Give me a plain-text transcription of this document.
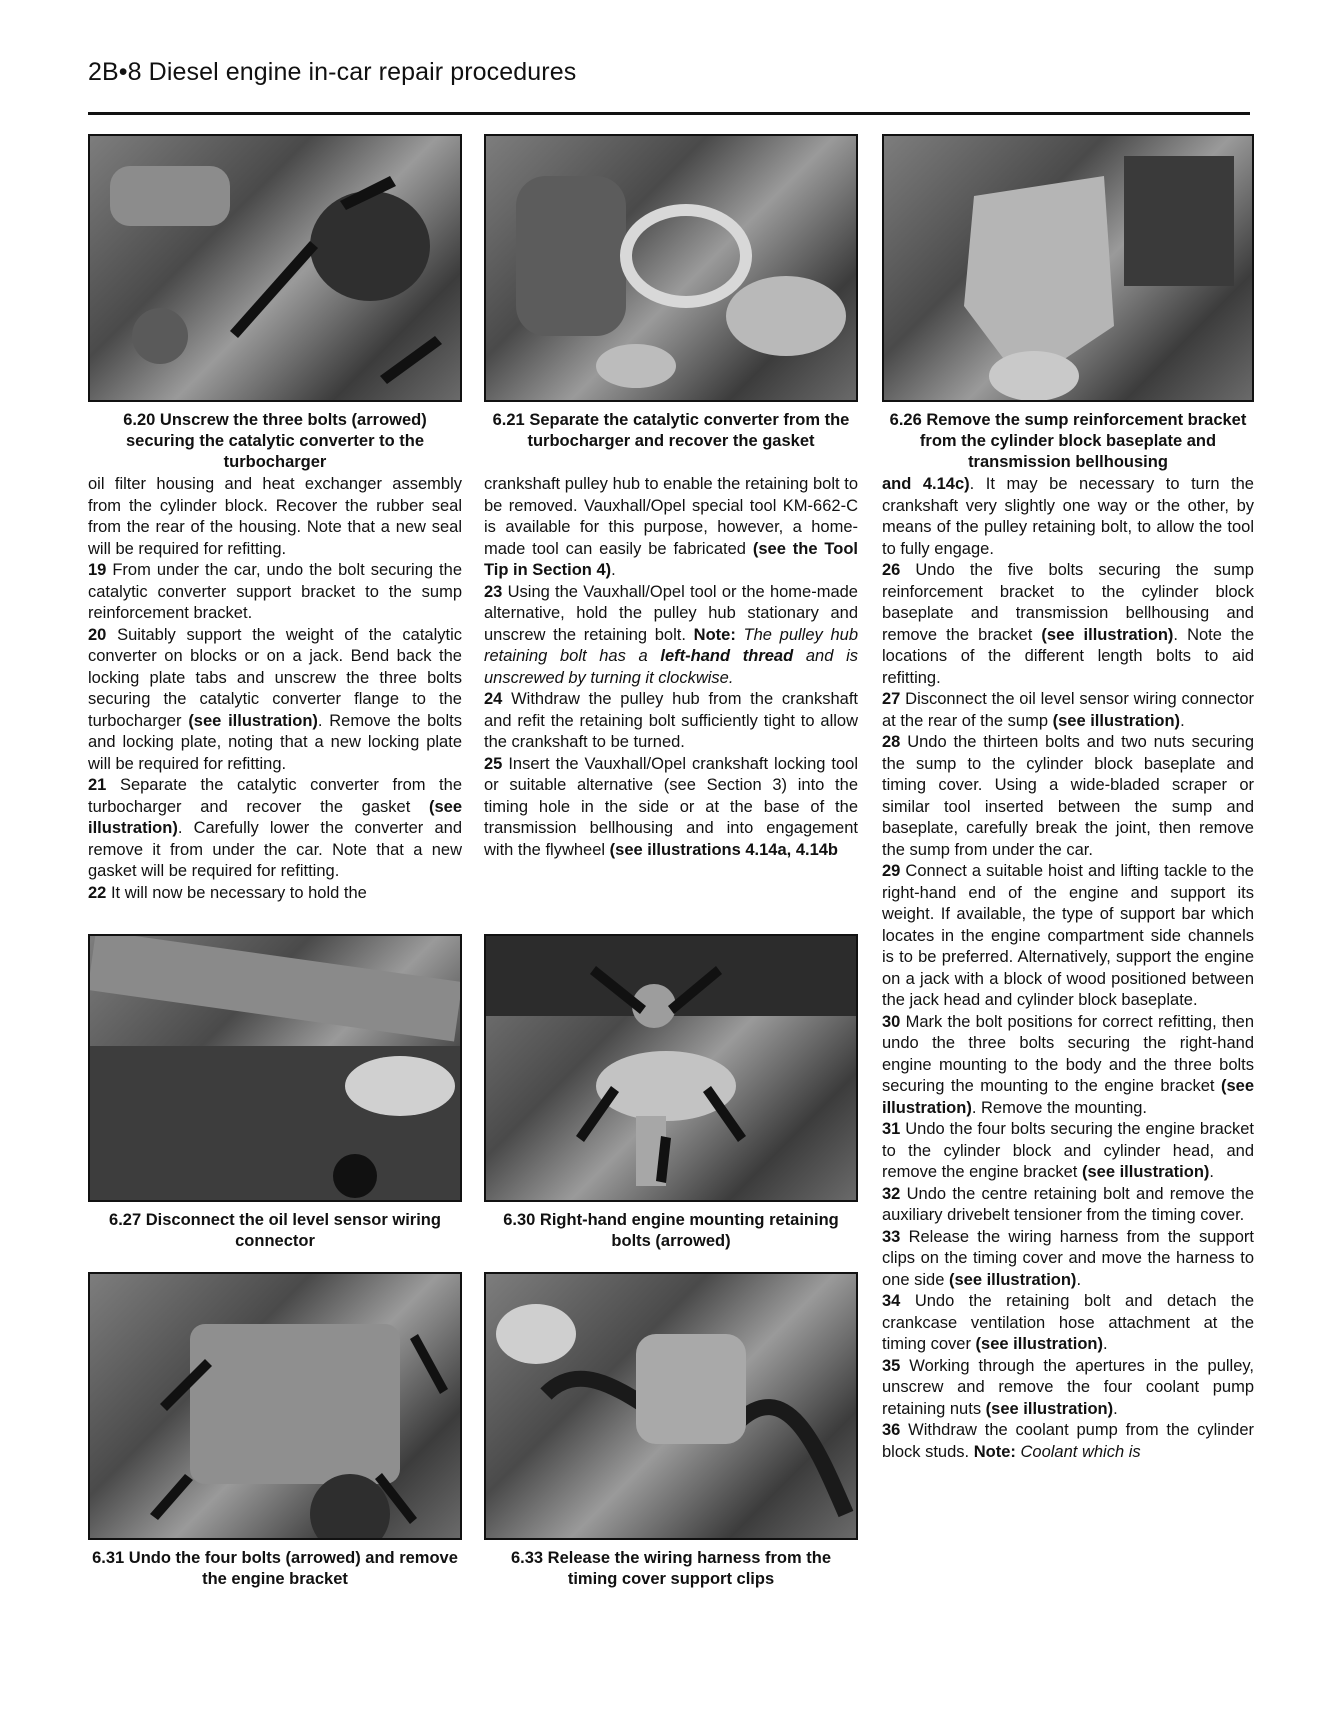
2B•8 Diesel engine in-car repair procedures
6.20 Unscrew the three bolts (arrowed) securing the catalytic converter to the turbocharger
6.21 Separate the catalytic converter from the turbocharger and recover the gasket
6.26 Remove the sump reinforcement bracket from the cylinder block baseplate and transmission bellhousing
6.27 Disconnect the oil level sensor wiring connector
6.30 Right-hand engine mounting retaining bolts (arrowed)
6.31 Undo the four bolts (arrowed) and remove the engine bracket
6.33 Release the wiring harness from the timing cover support clips

oil filter housing and heat exchanger assembly from the cylinder block. Recover the rubber seal from the rear of the housing. Note that a new seal will be required for refitting.

19 From under the car, undo the bolt securing the catalytic converter support bracket to the sump reinforcement bracket.

20 Suitably support the weight of the catalytic converter on blocks or on a jack. Bend back the locking plate tabs and unscrew the three bolts securing the catalytic converter flange to the turbocharger (see illustration). Remove the bolts and locking plate, noting that a new locking plate will be required for refitting.

21 Separate the catalytic converter from the turbocharger and recover the gasket (see illustration). Carefully lower the converter and remove it from under the car. Note that a new gasket will be required for refitting.

22 It will now be necessary to hold the

crankshaft pulley hub to enable the retaining bolt to be removed. Vauxhall/Opel special tool KM-662-C is available for this purpose, however, a home-made tool can easily be fabricated (see the Tool Tip in Section 4).

23 Using the Vauxhall/Opel tool or the home-made alternative, hold the pulley hub stationary and unscrew the retaining bolt. Note: The pulley hub retaining bolt has a left-hand thread and is unscrewed by turning it clockwise.

24 Withdraw the pulley hub from the crankshaft and refit the retaining bolt sufficiently tight to allow the crankshaft to be turned.

25 Insert the Vauxhall/Opel crankshaft locking tool or suitable alternative (see Section 3) into the timing hole in the side or at the base of the transmission bellhousing and into engagement with the flywheel (see illustrations 4.14a, 4.14b

and 4.14c). It may be necessary to turn the crankshaft very slightly one way or the other, by means of the pulley retaining bolt, to allow the tool to fully engage.

26 Undo the five bolts securing the sump reinforcement bracket to the cylinder block baseplate and transmission bellhousing and remove the bracket (see illustration). Note the locations of the different length bolts to aid refitting.

27 Disconnect the oil level sensor wiring connector at the rear of the sump (see illustration).

28 Undo the thirteen bolts and two nuts securing the sump to the cylinder block baseplate and timing cover. Using a wide-bladed scraper or similar tool inserted between the sump and baseplate, carefully break the joint, then remove the sump from under the car.

29 Connect a suitable hoist and lifting tackle to the right-hand end of the engine and support its weight. If available, the type of support bar which locates in the engine compartment side channels is to be preferred. Alternatively, support the engine on a jack with a block of wood positioned between the jack head and cylinder block baseplate.

30 Mark the bolt positions for correct refitting, then undo the three bolts securing the right-hand engine mounting to the body and the three bolts securing the mounting to the engine bracket (see illustration). Remove the mounting.

31 Undo the four bolts securing the engine bracket to the cylinder block and cylinder head, and remove the engine bracket (see illustration).

32 Undo the centre retaining bolt and remove the auxiliary drivebelt tensioner from the timing cover.

33 Release the wiring harness from the support clips on the timing cover and move the harness to one side (see illustration).

34 Undo the retaining bolt and detach the crankcase ventilation hose attachment at the timing cover (see illustration).

35 Working through the apertures in the pulley, unscrew and remove the four coolant pump retaining nuts (see illustration).

36 Withdraw the coolant pump from the cylinder block studs. Note: Coolant which is
